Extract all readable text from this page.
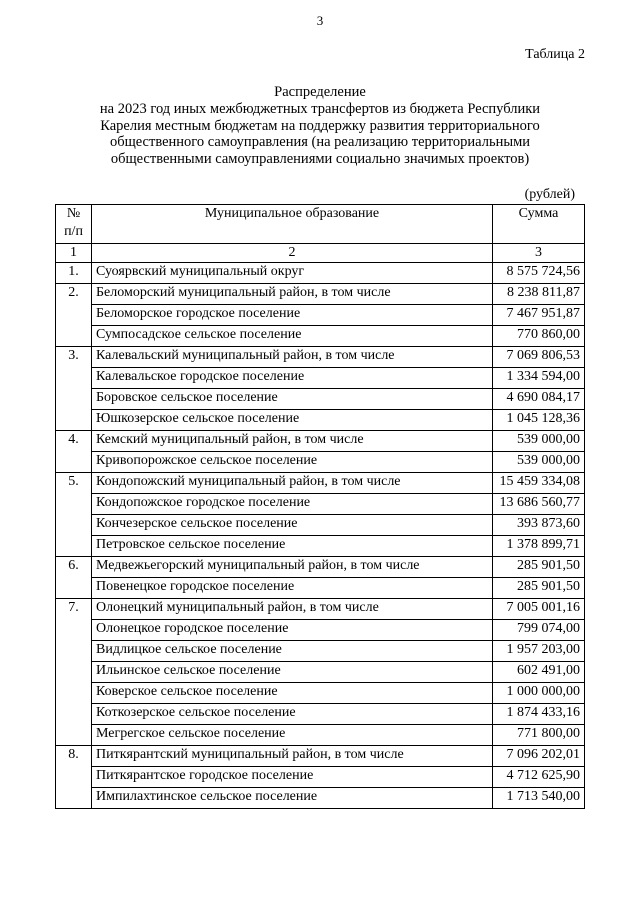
3
Таблица 2
Распределение
на 2023 год иных межбюджетных трансфертов из бюджета Республики
Карелия местным бюджетам на поддержку развития территориального
общественного самоуправления (на реализацию территориальными
общественными самоуправлениями социально значимых проектов)
(рублей)
№
п/п	Муниципальное образование	Сумма
1	2	3
1.	Суоярвский муниципальный округ	8 575 724,56
2.	Беломорский муниципальный район, в том числе	8 238 811,87
	Беломорское городское поселение	7 467 951,87
	Сумпосадское сельское поселение	770 860,00
3.	Калевальский муниципальный район, в том числе	7 069 806,53
	Калевальское городское поселение	1 334 594,00
	Боровское сельское поселение	4 690 084,17
	Юшкозерское сельское поселение	1 045 128,36
4.	Кемский муниципальный район, в том числе	539 000,00
	Кривопорожское сельское поселение	539 000,00
5.	Кондопожский муниципальный район, в том числе	15 459 334,08
	Кондопожское городское поселение	13 686 560,77
	Кончезерское сельское поселение	393 873,60
	Петровское сельское поселение	1 378 899,71
6.	Медвежьегорский муниципальный район, в том числе	285 901,50
	Повенецкое городское поселение	285 901,50
7.	Олонецкий муниципальный район, в том числе	7 005 001,16
	Олонецкое городское поселение	799 074,00
	Видлицкое сельское поселение	1 957 203,00
	Ильинское сельское поселение	602 491,00
	Коверское сельское поселение	1 000 000,00
	Коткозерское сельское поселение	1 874 433,16
	Мегрегское сельское поселение	771 800,00
8.	Питкярантский муниципальный район, в том числе	7 096 202,01
	Питкярантское городское поселение	4 712 625,90
	Импилахтинское сельское поселение	1 713 540,00
